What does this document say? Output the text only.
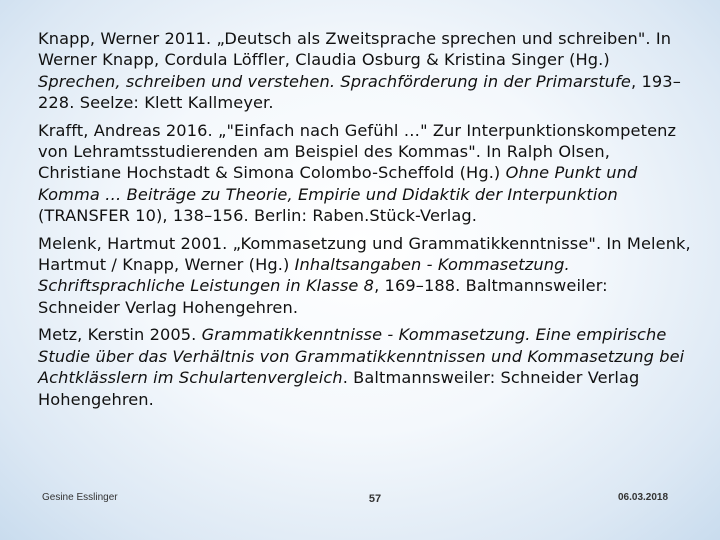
Knapp, Werner 2011. „Deutsch als Zweitsprache sprechen und schreiben". In Werner Knapp, Cordula Löffler, Claudia Osburg & Kristina Singer (Hg.) Sprechen, schreiben und verstehen. Sprachförderung in der Primarstufe, 193–228. Seelze: Klett Kallmeyer.

Krafft, Andreas 2016. „"Einfach nach Gefühl …" Zur Interpunktionskompetenz von Lehramtsstudierenden am Beispiel des Kommas". In Ralph Olsen, Christiane Hochstadt & Simona Colombo-Scheffold (Hg.) Ohne Punkt und Komma … Beiträge zu Theorie, Empirie und Didaktik der Interpunktion (TRANSFER 10), 138–156. Berlin: Raben.Stück-Verlag.

Melenk, Hartmut 2001. „Kommasetzung und Grammatikkenntnisse". In Melenk, Hartmut / Knapp, Werner (Hg.) Inhaltsangaben - Kommasetzung. Schriftsprachliche Leistungen in Klasse 8, 169–188. Baltmannsweiler: Schneider Verlag Hohengehren.

Metz, Kerstin 2005. Grammatikkenntnisse - Kommasetzung. Eine empirische Studie über das Verhältnis von Grammatikkenntnissen und Kommasetzung bei Achtklässlern im Schulartenvergleich. Baltmannsweiler: Schneider Verlag Hohengehren.

Gesine Esslinger	57	06.03.2018
